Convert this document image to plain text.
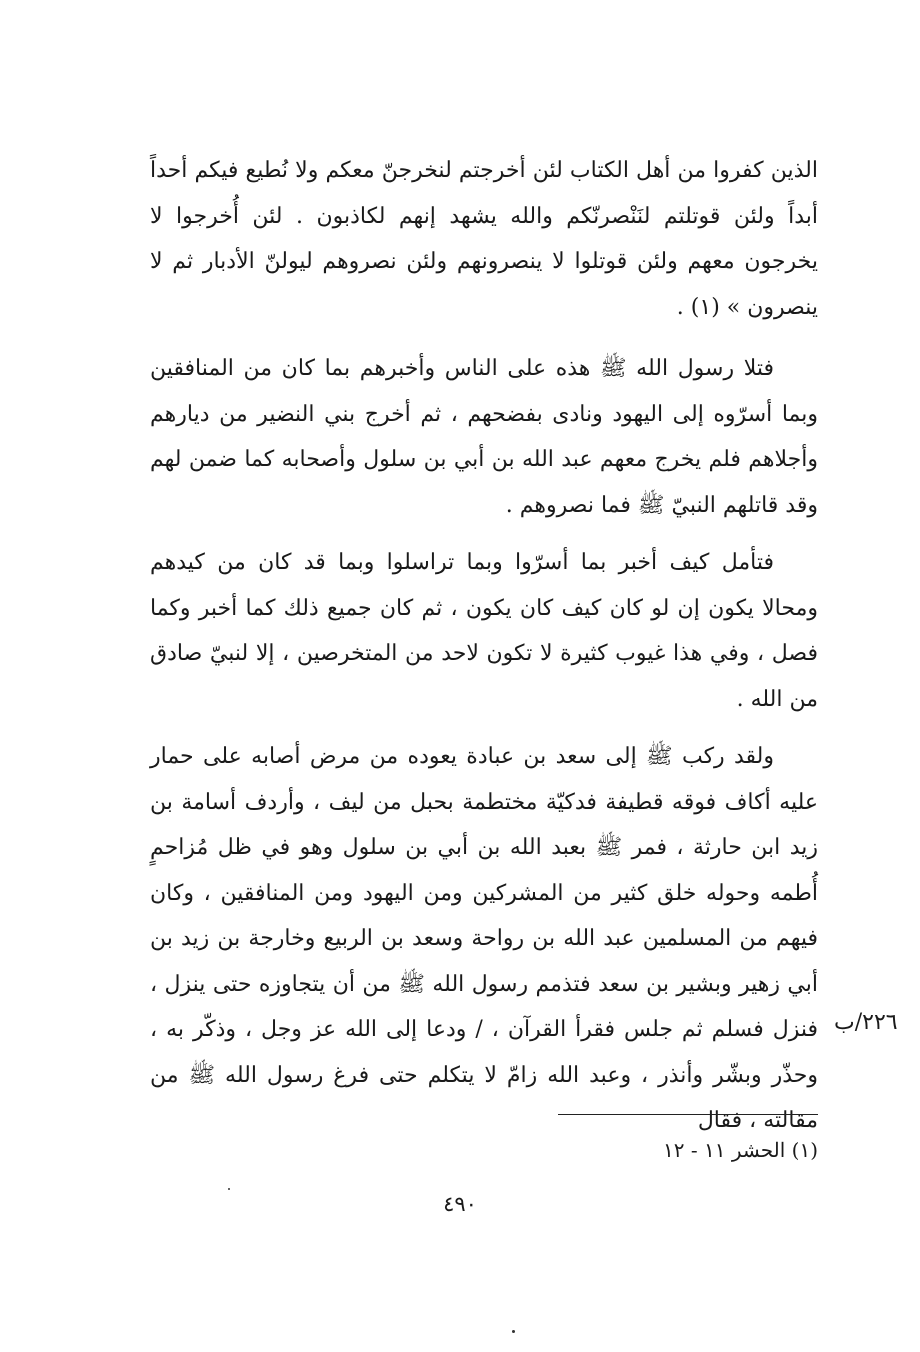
الذين كفروا من أهل الكتاب لئن أخرجتم لنخرجنّ معكم ولا نُطيع فيكم أحداً أبداً ولئن قوتلتم لنَنْصرنّكم والله يشهد إنهم لكاذبون . لئن أُخرجوا لا يخرجون معهم ولئن قوتلوا لا ينصرونهم ولئن نصروهم ليولنّ الأدبار ثم لا ينصرون » (١) .

فتلا رسول الله ﷺ هذه على الناس وأخبرهم بما كان من المنافقين وبما أسرّوه إلى اليهود ونادى بفضحهم ، ثم أخرج بني النضير من ديارهم وأجلاهم فلم يخرج معهم عبد الله بن أبي بن سلول وأصحابه كما ضمن لهم وقد قاتلهم النبيّ ﷺ فما نصروهم .

فتأمل كيف أخبر بما أسرّوا وبما تراسلوا وبما قد كان من كيدهم ومحالا يكون إن لو كان كيف كان يكون ، ثم كان جميع ذلك كما أخبر وكما فصل ، وفي هذا غيوب كثيرة لا تكون لاحد من المتخرصين ، إلا لنبيّ صادق من الله .

ولقد ركب ﷺ إلى سعد بن عبادة يعوده من مرض أصابه على حمار عليه أكاف فوقه قطيفة فدكيّة مختطمة بحبل من ليف ، وأردف أسامة بن زيد ابن حارثة ، فمر ﷺ بعبد الله بن أبي بن سلول وهو في ظل مُزاحمٍ أُطمه وحوله خلق كثير من المشركين ومن اليهود ومن المنافقين ، وكان فيهم من المسلمين عبد الله بن رواحة وسعد بن الربيع وخارجة بن زيد بن أبي زهير وبشير بن سعد فتذمم رسول الله ﷺ من أن يتجاوزه حتى ينزل ، فنزل فسلم ثم جلس فقرأ القرآن ، / ودعا إلى الله عز وجل ، وذكّر به ، وحذّر وبشّر وأنذر ، وعبد الله زامّ لا يتكلم حتى فرغ رسول الله ﷺ من مقالته ، فقال

٢٢٦/ب
(١) الحشر ١١ - ١٢
٤٩٠
